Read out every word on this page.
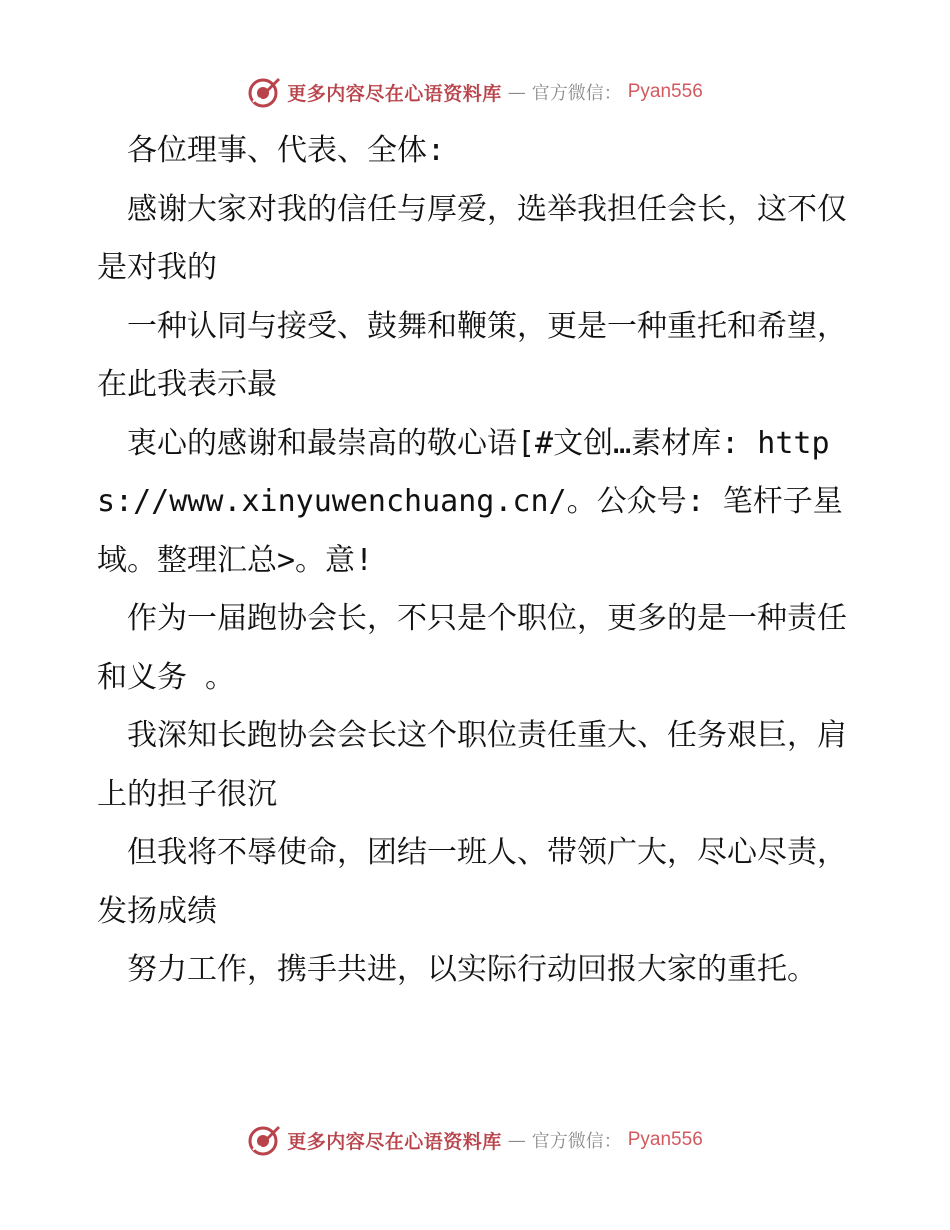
更多内容尽在心语资料库 — 官方微信： Pyan556

　各位理事、代表、全体:

　感谢大家对我的信任与厚爱，选举我担任会长，这不仅是对我的

　一种认同与接受、鼓舞和鞭策，更是一种重托和希望，在此我表示最

　衷心的感谢和最崇高的敬心语[#文创…素材库: https://www.xinyuwenchuang.cn/。公众号: 笔杆子星域。整理汇总>。意!

　作为一届跑协会长，不只是个职位，更多的是一种责任和义务 。

　我深知长跑协会会长这个职位责任重大、任务艰巨，肩上的担子很沉

　但我将不辱使命，团结一班人、带领广大，尽心尽责，发扬成绩

　努力工作，携手共进，以实际行动回报大家的重托。

更多内容尽在心语资料库 — 官方微信： Pyan556
